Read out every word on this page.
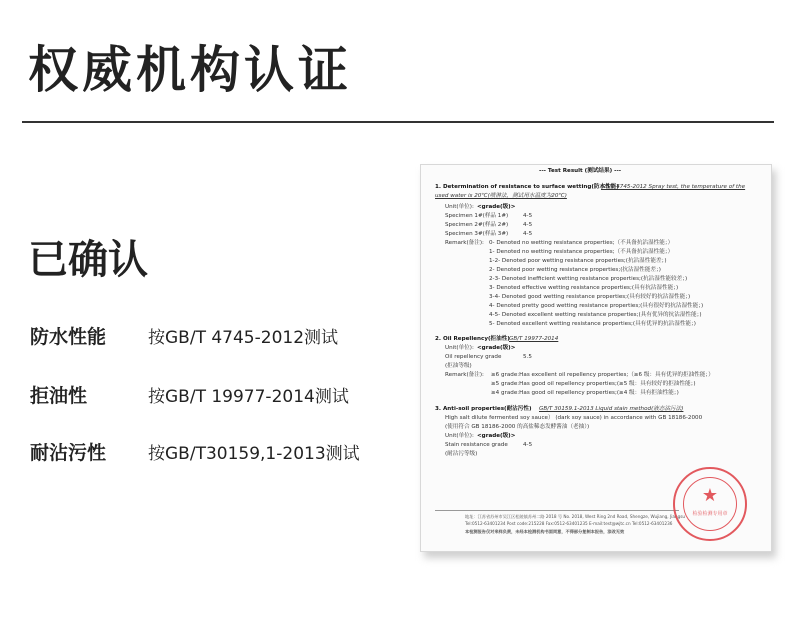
权威机构认证
已确认
防水性能	按GB/T 4745-2012测试
拒油性	按GB/T 19977-2014测试
耐沾污性	按GB/T30159,1-2013测试
--- Test Result (测试结果) ---
1. Determination of resistance to surface wetting(防水性能)
GB/T 4745-2012 Spray test, the temperature of the
used water is 20℃(喷淋法，测试用水温度为20℃)
Unit(单位): <grade(级)>
Specimen 1#(样品 1#)	4-5
Specimen 2#(样品 2#)	4-5
Specimen 3#(样品 3#)	4-5
Remark(备注): 0- Denoted no wetting resistance properties;（不具备抗沾湿性能；）
1- Denoted no wetting resistance properties;（不具备抗沾湿性能；）
1-2- Denoted poor wetting resistance properties;(抗沾湿性能差；)
2- Denoted poor wetting resistance properties;(抗沾湿性能差；)
2-3- Denoted inefficient wetting resistance properties;(抗沾湿性能较差；)
3- Denoted effective wetting resistance properties;(具有抗沾湿性能；)
3-4- Denoted good wetting resistance properties;(具有较好的抗沾湿性能；)
4- Denoted pretty good wetting resistance properties;(具有很好的抗沾湿性能；)
4-5- Denoted excellent wetting resistance properties;(具有优异的抗沾湿性能；)
5- Denoted excellent wetting resistance properties;(具有优异的抗沾湿性能；)
2. Oil Repellency(拒油性) GB/T 19977-2014
Unit(单位): <grade(级)>
Oil repellency grade	5.5
(拒油等级)
Remark(备注): ≥6 grade:Has excellent oil repellency properties;（≥6 级：具有优异的拒油性能；）
≥5 grade:Has good oil repellency properties;(≥5 级：具有较好的拒油性能；)
≥4 grade:Has good oil repellency properties;(≥4 级：具有拒油性能；)
3. Anti-soil properties(耐沾污性) GB/T 30159.1-2013 Liquid stain method(液态沾污法)
High salt dilute fermented soy sauce） (dark soy sauce) in accordance with GB 18186-2000
(使用符合 GB 18186-2000 的高盐稀态发酵酱油（老抽）)
Unit(单位): <grade(级)>
Stain resistance grade	4-5
(耐沾污等级)
地址：江苏省苏州市吴江区松陵镇苏州二路 2018 号 No. 2018, West Ring 2nd Road, Shengze, Wujiang, Jiangsu
Tel:0512-63401234 Post code:215228 Fax:0512-63401235 E-mail:test@wjtc.cn Tel:0512-63401236
本检测报告仅对来样负责，未经本检测机构书面同意，不得部分复制本报告，涂改无效
★
检验检测专用章
